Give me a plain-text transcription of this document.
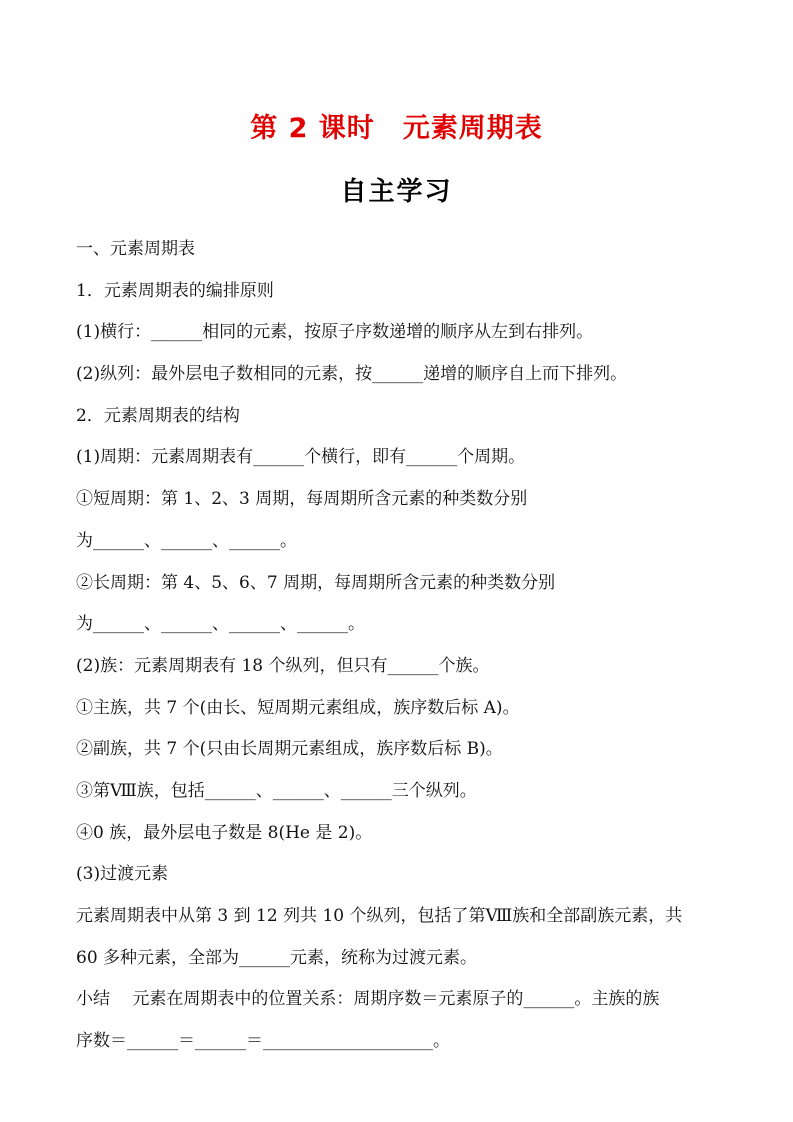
第 2 课时　元素周期表
自主学习
一、元素周期表
1．元素周期表的编排原则
(1)横行：______相同的元素，按原子序数递增的顺序从左到右排列。
(2)纵列：最外层电子数相同的元素，按______递增的顺序自上而下排列。
2．元素周期表的结构
(1)周期：元素周期表有______个横行，即有______个周期。
①短周期：第 1、2、3 周期，每周期所含元素的种类数分别
为______、______、______。
②长周期：第 4、5、6、7 周期，每周期所含元素的种类数分别
为______、______、______、______。
(2)族：元素周期表有 18 个纵列，但只有______个族。
①主族，共 7 个(由长、短周期元素组成，族序数后标 A)。
②副族，共 7 个(只由长周期元素组成，族序数后标 B)。
③第Ⅷ族，包括______、______、______三个纵列。
④0 族，最外层电子数是 8(He 是 2)。
(3)过渡元素
元素周期表中从第 3 到 12 列共 10 个纵列，包括了第Ⅷ族和全部副族元素，共
60 多种元素，全部为______元素，统称为过渡元素。
小结　 元素在周期表中的位置关系：周期序数＝元素原子的______。主族的族
序数＝______＝______＝____________________。
